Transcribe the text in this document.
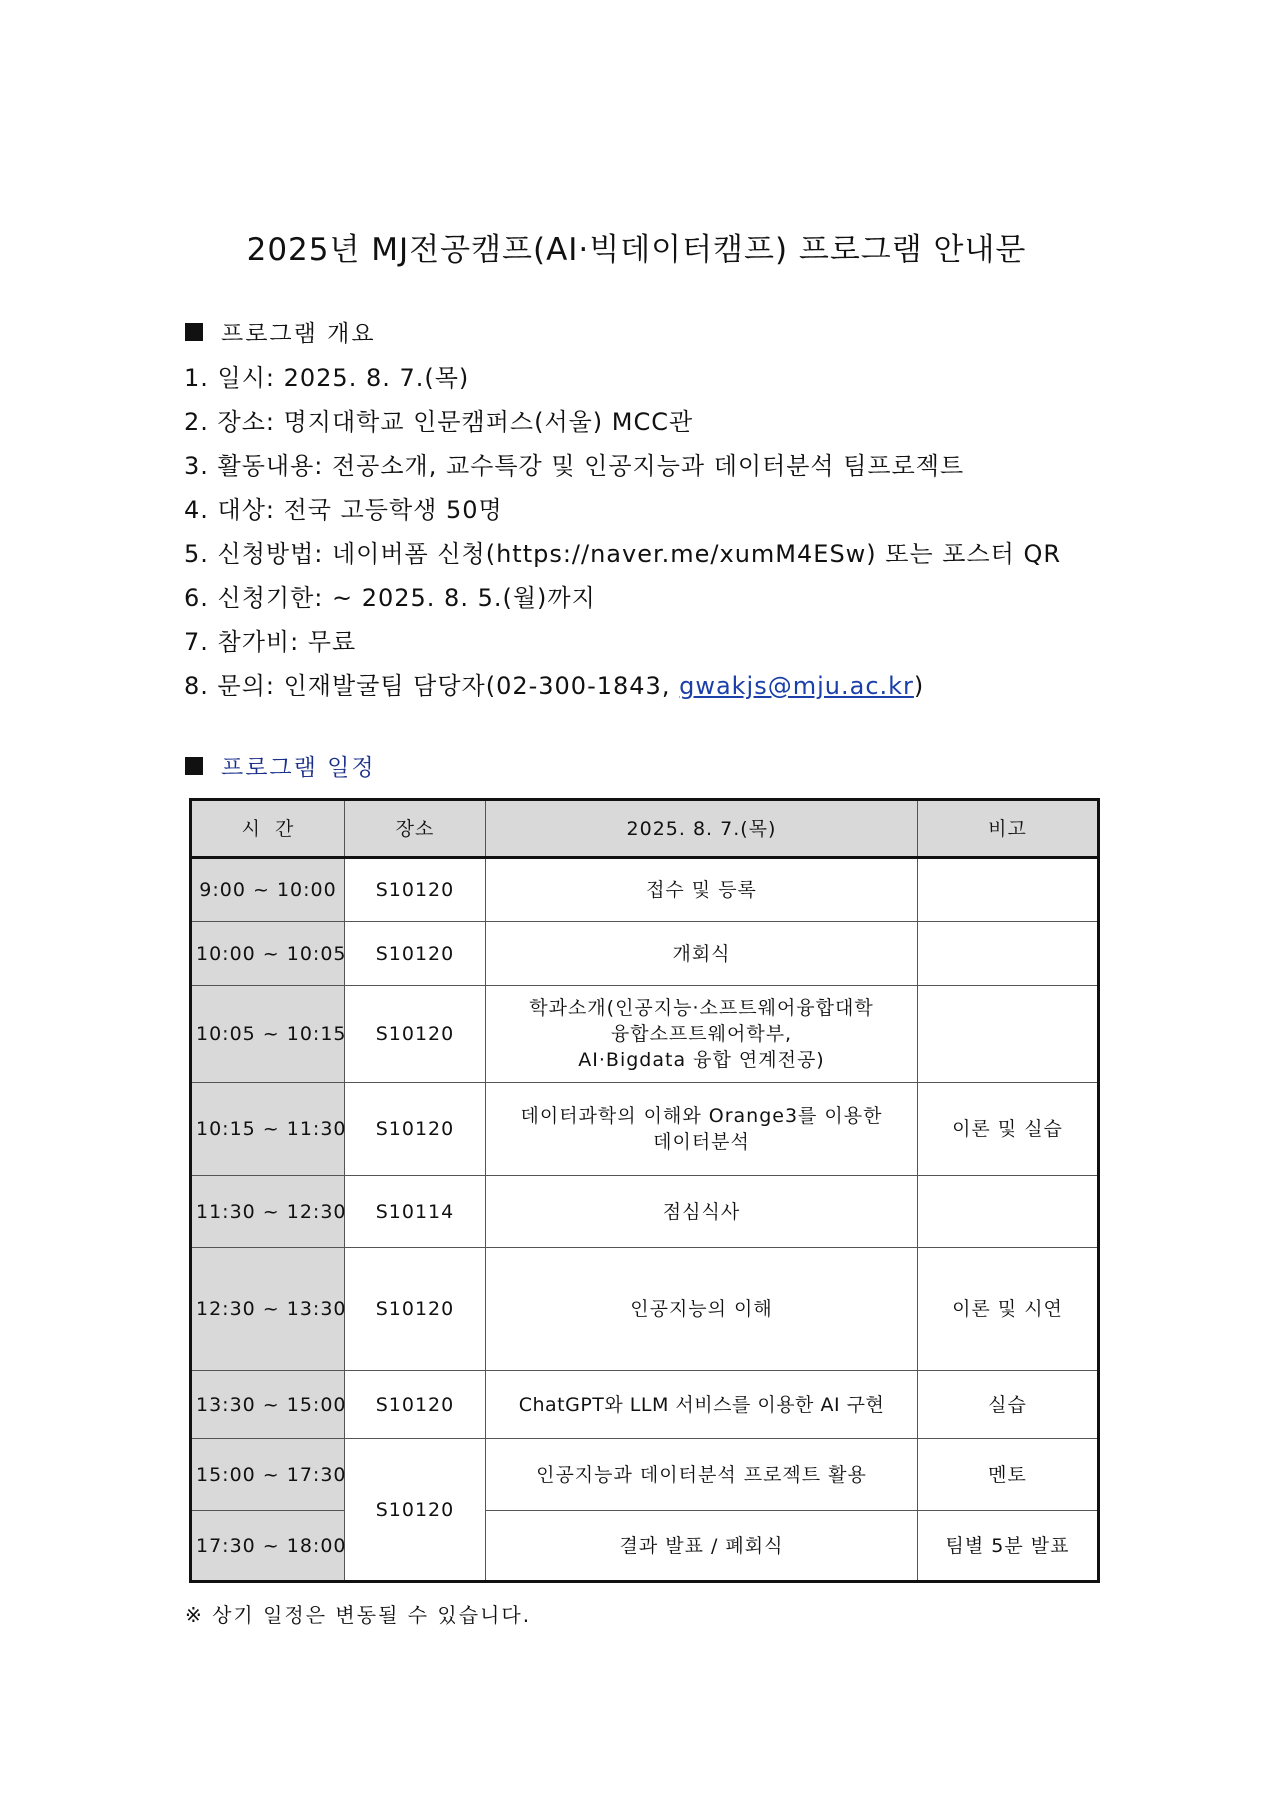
2025년 MJ전공캠프(AI·빅데이터캠프) 프로그램 안내문
프로그램 개요
1. 일시: 2025. 8. 7.(목)
2. 장소: 명지대학교 인문캠퍼스(서울) MCC관
3. 활동내용: 전공소개, 교수특강 및 인공지능과 데이터분석 팀프로젝트
4. 대상: 전국 고등학생 50명
5. 신청방법: 네이버폼 신청(https://naver.me/xumM4ESw) 또는 포스터 QR
6. 신청기한: ~ 2025. 8. 5.(월)까지
7. 참가비: 무료
8. 문의: 인재발굴팀 담당자(02-300-1843, gwakjs@mju.ac.kr)
프로그램 일정
시  간	장소	2025. 8. 7.(목)	비고
9:00 ~ 10:00	S10120	접수 및 등록	
10:00 ~ 10:05	S10120	개회식	
10:05 ~ 10:15	S10120	학과소개(인공지능·소프트웨어융합대학
융합소프트웨어학부,
AI·Bigdata 융합 연계전공)	

10:15 ~ 11:30	S10120	데이터과학의 이해와 Orange3를 이용한
데이터분석	이론 및 실습
11:30 ~ 12:30	S10114	점심식사	
12:30 ~ 13:30	S10120	인공지능의 이해	이론 및 시연
13:30 ~ 15:00	S10120	ChatGPT와 LLM 서비스를 이용한 AI 구현	실습
15:00 ~ 17:30	S10120	인공지능과 데이터분석 프로젝트 활용	멘토
17:30 ~ 18:00		결과 발표 / 폐회식	팀별 5분 발표
※ 상기 일정은 변동될 수 있습니다.
